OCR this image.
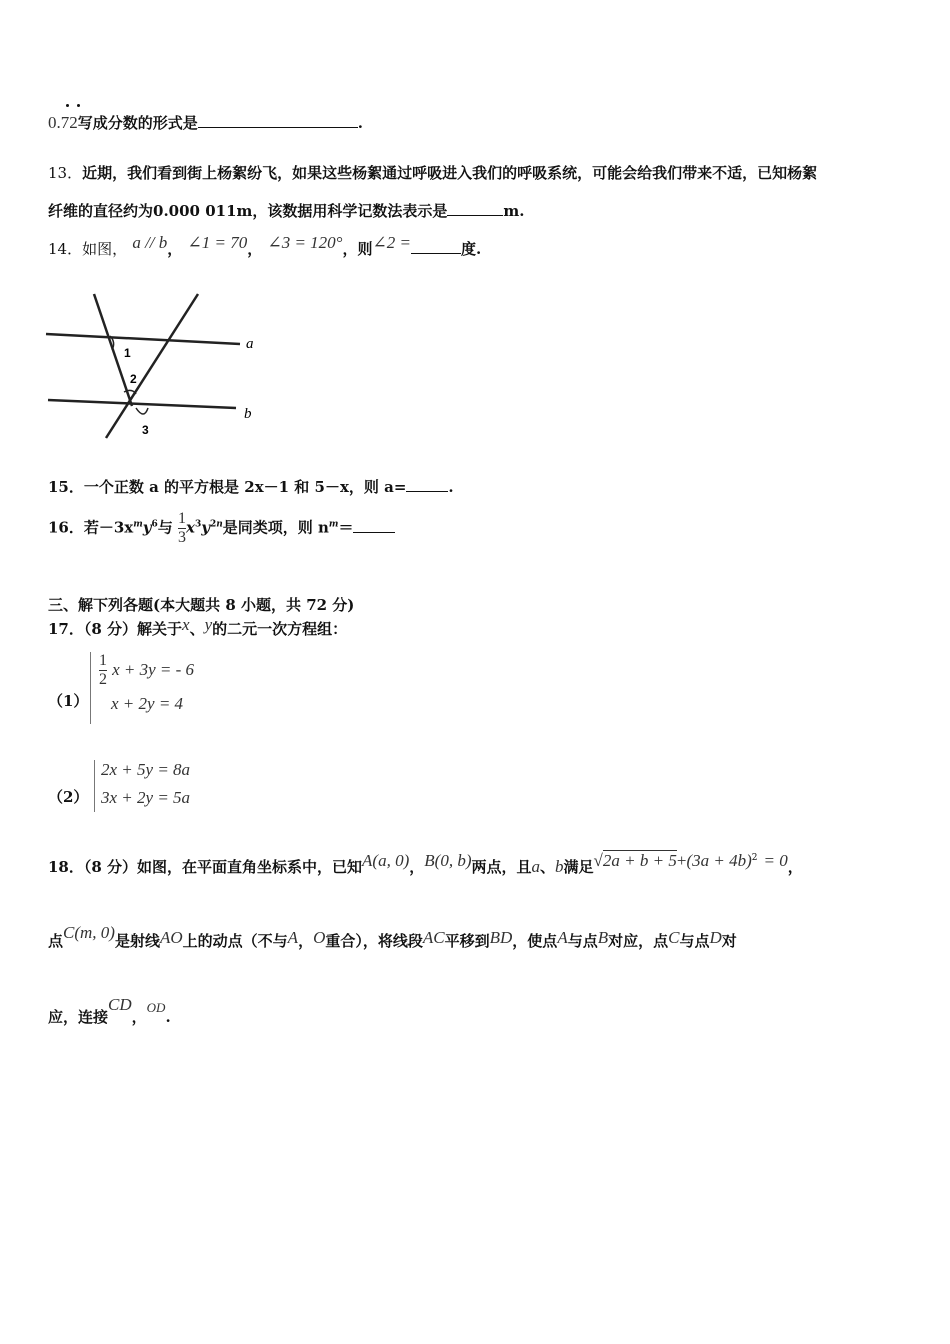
0.72写成分数的形式是	.
13．近期，我们看到街上杨絮纷飞，如果这些杨絮通过呼吸进入我们的呼吸系统，可能会给我们带来不适，已知杨絮
纤维的直径约为0.000 011m，该数据用科学记数法表示是	m.
14．如图， a // b， ∠1 = 70， ∠3 = 120°，则∠2 =	度.
1
2
3
a
b
15．一个正数 a 的平方根是 2x－1 和 5－x，则 a=	.
16．若$-3x^my^6$与 $\frac{1}{3} x^3y^{2n}$是同类项，则 $n^m=$
三、解下列各题(本大题共 8 小题，共 72 分)
17．（8 分）解关于x、y的二元一次方程组：
（1）
$\frac{1}{2}$ x + 3y = - 6
x + 2y = 4
（2）
2x + 5y = 8a
3x + 2y = 5a
18．（8 分）如图，在平面直角坐标系中，已知A(a, 0)，B(0, b)两点，且a、b满足$√2a + b + 5+(3a + 4b)^2 = 0$，
点C(m, 0)是射线AO上的动点（不与A，O重合），将线段AC平移到BD，使点A与点B对应，点C与点D对
应，连接CD，OD.
